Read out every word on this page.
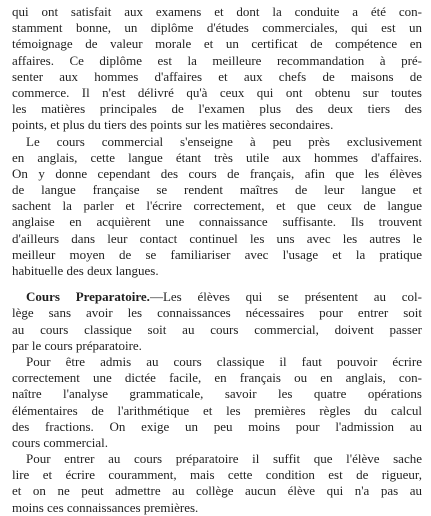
qui ont satisfait aux examens et dont la conduite a été con-
stamment bonne, un diplôme d'études commerciales, qui est un
témoignage de valeur morale et un certificat de compétence en
affaires. Ce diplôme est la meilleure recommandation à pré-
senter aux hommes d'affaires et aux chefs de maisons de
commerce. Il n'est délivré qu'à ceux qui ont obtenu sur toutes
les matières principales de l'examen plus des deux tiers des
points, et plus du tiers des points sur les matières secondaires.
Le cours commercial s'enseigne à peu près exclusivement
en anglais, cette langue étant très utile aux hommes d'affaires.
On y donne cependant des cours de français, afin que les élèves
de langue française se rendent maîtres de leur langue et
sachent la parler et l'écrire correctement, et que ceux de langue
anglaise en acquièrent une connaissance suffisante. Ils trouvent
d'ailleurs dans leur contact continuel les uns avec les autres le
meilleur moyen de se familiariser avec l'usage et la pratique
habituelle des deux langues.
Cours Preparatoire.—Les élèves qui se présentent au col-
lège sans avoir les connaissances nécessaires pour entrer soit
au cours classique soit au cours commercial, doivent passer
par le cours préparatoire.
Pour être admis au cours classique il faut pouvoir écrire
correctement une dictée facile, en français ou en anglais, con-
naître l'analyse grammaticale, savoir les quatre opérations
élémentaires de l'arithmétique et les premières règles du calcul
des fractions. On exige un peu moins pour l'admission au
cours commercial.
Pour entrer au cours préparatoire il suffit que l'élève sache
lire et écrire couramment, mais cette condition est de rigueur,
et on ne peut admettre au collège aucun élève qui n'a pas au
moins ces connaissances premières.
